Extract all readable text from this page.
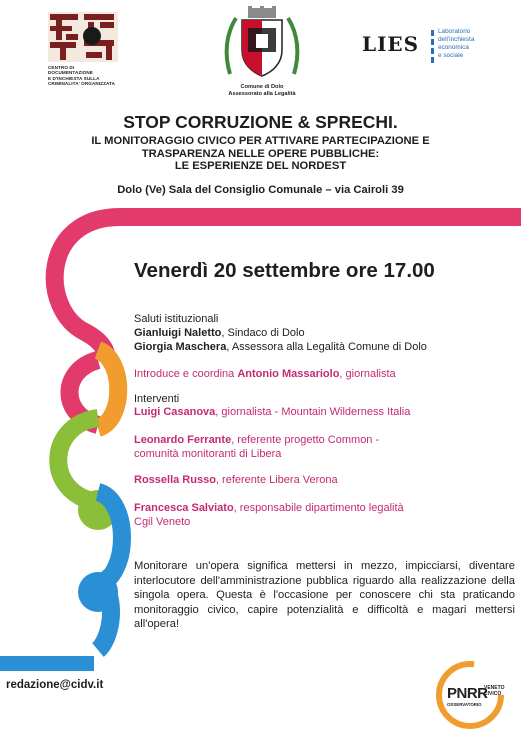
CENTRO DI DOCUMENTAZIONE
E D'INCHIESTA SULLA
CRIMINALITA' ORGANIZZATA
Comune di Dolo
Assessorato alla Legalità
LIES
Laboratorio
dell'inchiesta
economica
e sociale
STOP CORRUZIONE & SPRECHI.
IL MONITORAGGIO CIVICO PER ATTIVARE PARTECIPAZIONE E
TRASPARENZA NELLE OPERE PUBBLICHE:
LE ESPERIENZE DEL NORDEST
Dolo (Ve) Sala del Consiglio Comunale – via Cairoli 39
Venerdì 20 settembre ore 17.00
Saluti istituzionali
Gianluigi Naletto, Sindaco di Dolo
Giorgia Maschera, Assessora alla Legalità Comune di Dolo
Introduce e coordina Antonio Massariolo, giornalista
Interventi
Luigi Casanova, giornalista - Mountain Wilderness Italia
Leonardo Ferrante, referente progetto Common -
comunità monitoranti di Libera
Rossella Russo, referente Libera Verona
Francesca Salviato, responsabile dipartimento legalità
Cgil Veneto
Monitorare un'opera significa mettersi in mezzo, impicciarsi, diventare interlocutore dell'amministrazione pubblica riguardo alla realizzazione della singola opera. Questa è l'occasione per conoscere chi sta praticando monitoraggio civico, capire potenzialità e difficoltà e magari mettersi all'opera!
redazione@cidv.it	PNRR
VENETO
CIVICO
OSSERVATORIO
